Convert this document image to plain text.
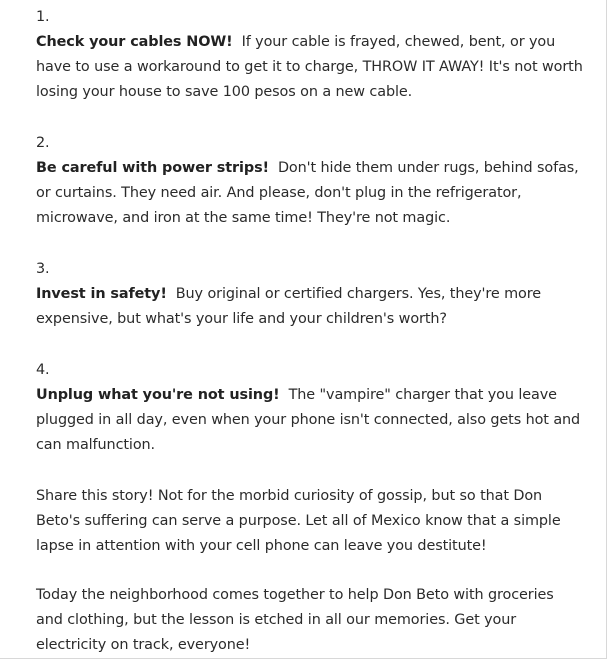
1.
Check your cables NOW! If your cable is frayed, chewed, bent, or you have to use a workaround to get it to charge, THROW IT AWAY! It's not worth losing your house to save 100 pesos on a new cable.
2.
Be careful with power strips! Don't hide them under rugs, behind sofas, or curtains. They need air. And please, don't plug in the refrigerator, microwave, and iron at the same time! They're not magic.
3.
Invest in safety! Buy original or certified chargers. Yes, they're more expensive, but what's your life and your children's worth?
4.
Unplug what you're not using! The "vampire" charger that you leave plugged in all day, even when your phone isn't connected, also gets hot and can malfunction.

Share this story! Not for the morbid curiosity of gossip, but so that Don Beto's suffering can serve a purpose. Let all of Mexico know that a simple lapse in attention with your cell phone can leave you destitute!

Today the neighborhood comes together to help Don Beto with groceries and clothing, but the lesson is etched in all our memories. Get your electricity on track, everyone!
